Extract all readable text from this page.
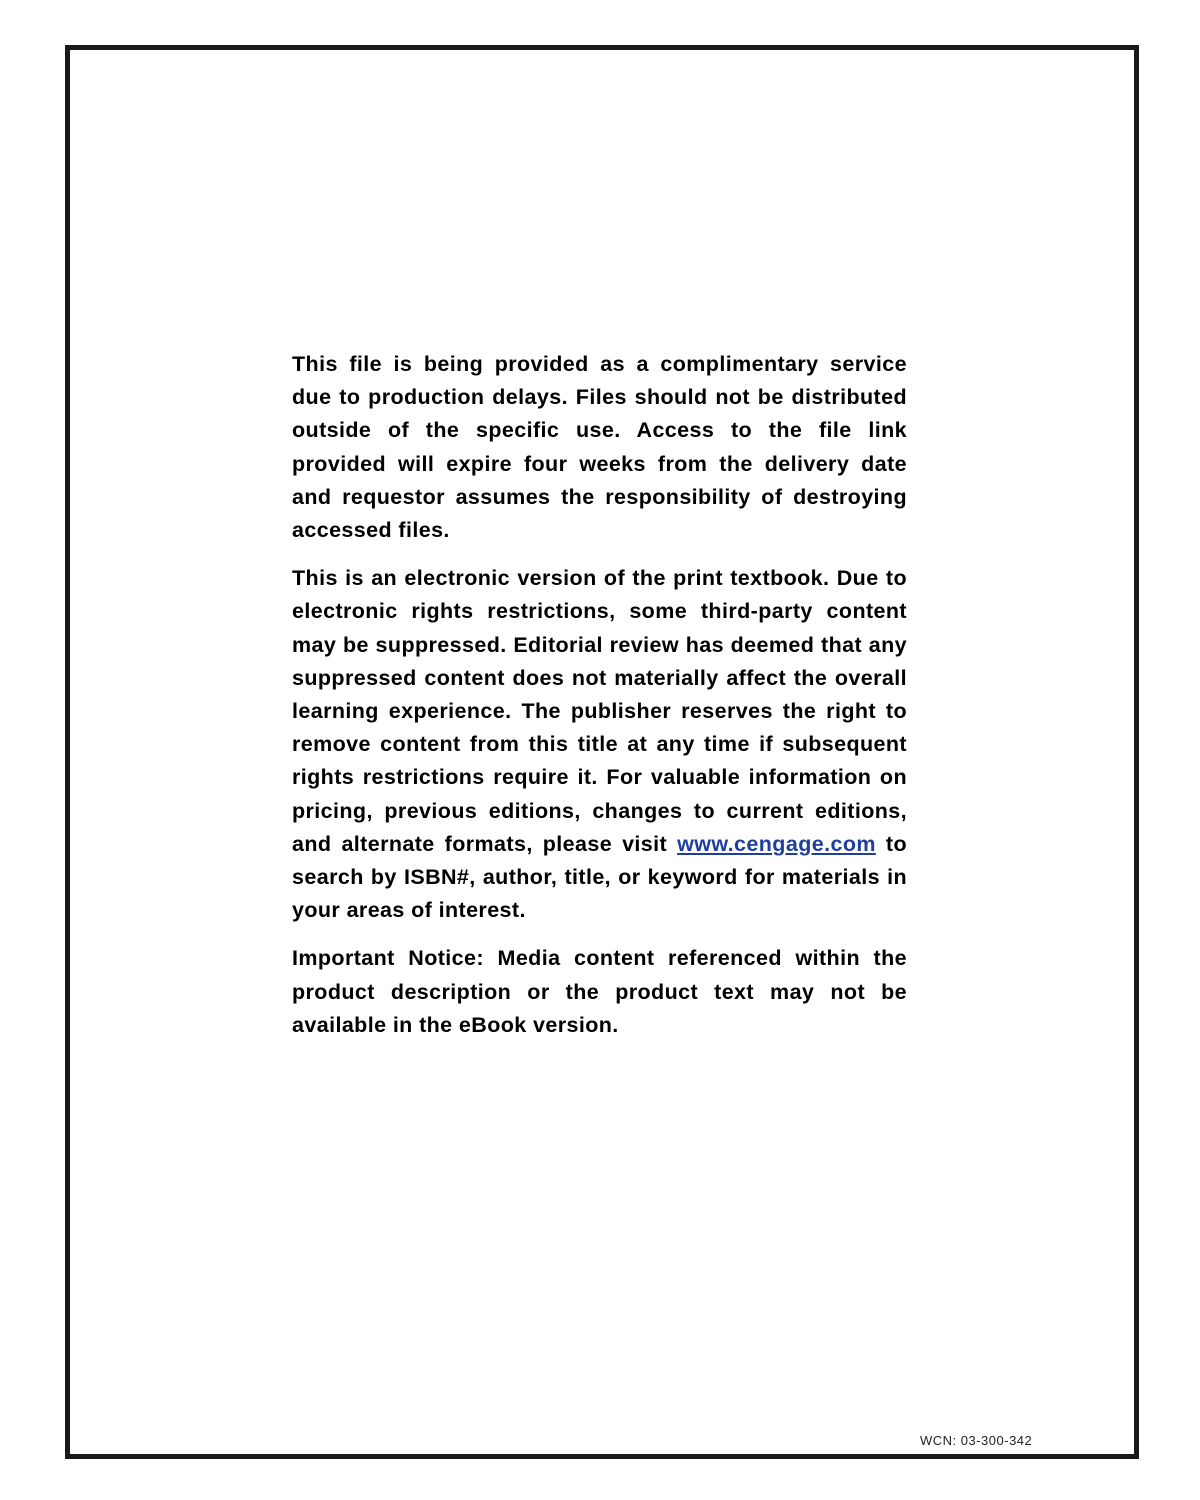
This file is being provided as a complimentary service due to production delays. Files should not be distributed outside of the specific use. Access to the file link provided will expire four weeks from the delivery date and requestor assumes the responsibility of destroying accessed files.

This is an electronic version of the print textbook. Due to electronic rights restrictions, some third-party content may be suppressed. Editorial review has deemed that any suppressed content does not materially affect the overall learning experience. The publisher reserves the right to remove content from this title at any time if subsequent rights restrictions require it. For valuable information on pricing, previous editions, changes to current editions, and alternate formats, please visit www.cengage.com to search by ISBN#, author, title, or keyword for materials in your areas of interest.

Important Notice: Media content referenced within the product description or the product text may not be available in the eBook version.

WCN: 03-300-342
